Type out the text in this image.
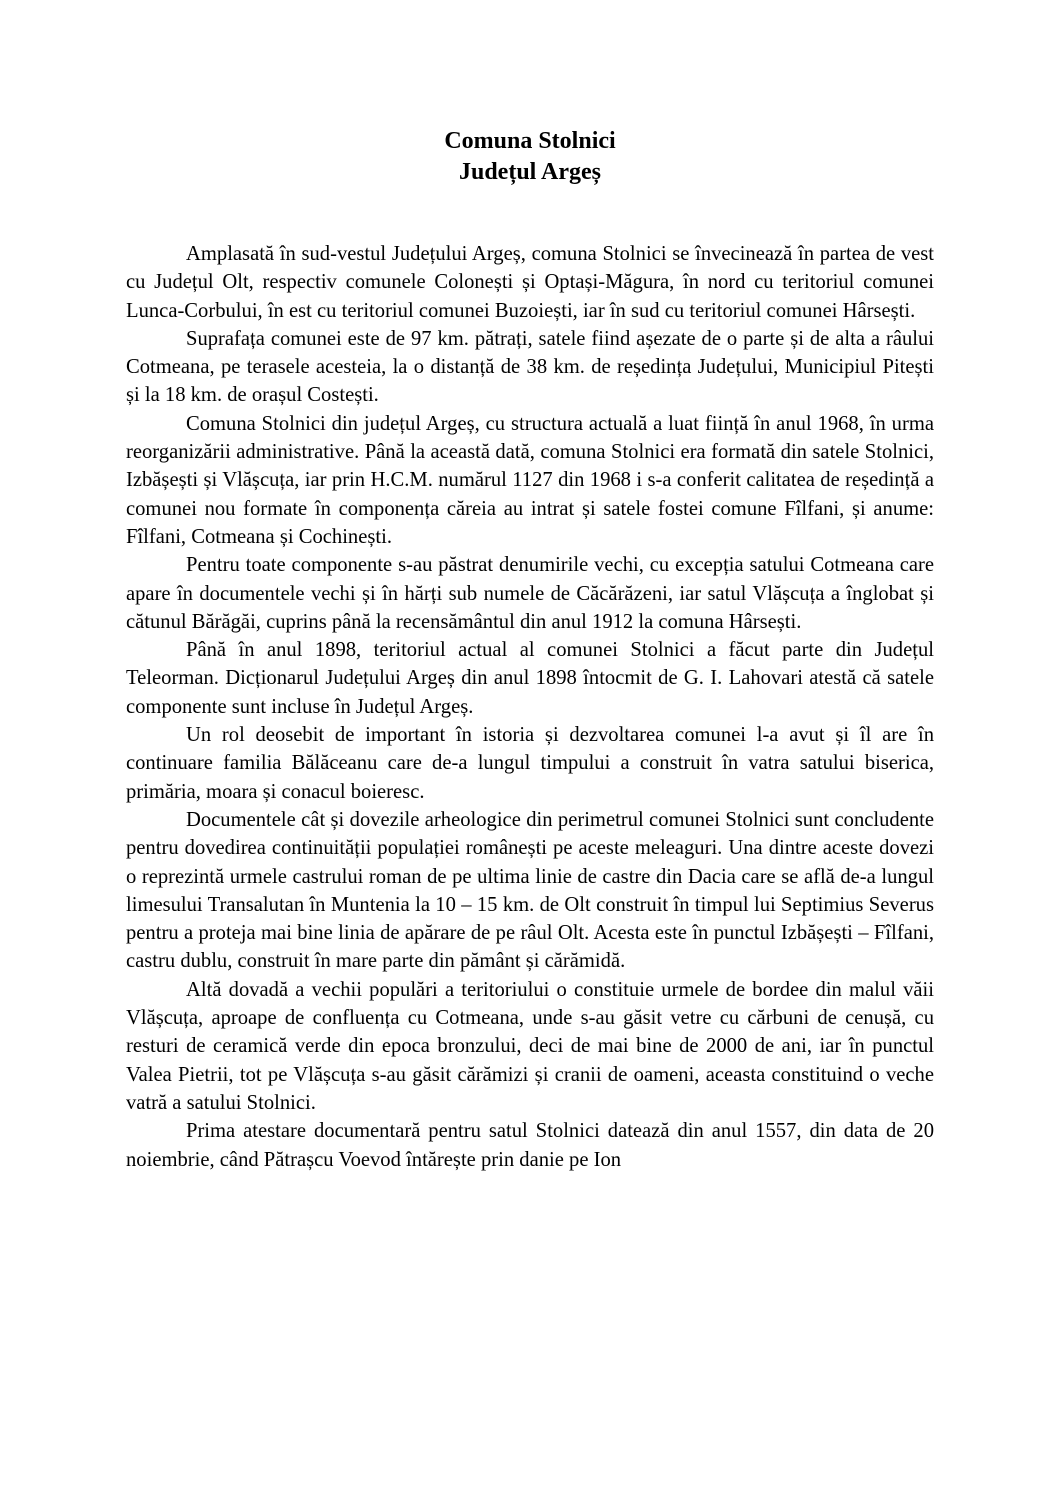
Comuna Stolnici
Județul Argeș

Amplasată în sud-vestul Județului Argeș, comuna Stolnici se învecinează în partea de vest cu Județul Olt, respectiv comunele Colonești și Optași-Măgura, în nord cu teritoriul comunei Lunca-Corbului, în est cu teritoriul comunei Buzoiești, iar în sud cu teritoriul comunei Hârsești.

Suprafața comunei este de 97 km. pătrați, satele fiind așezate de o parte și de alta a râului Cotmeana, pe terasele acesteia, la o distanță de 38 km. de reședința Județului, Municipiul Pitești și la 18 km. de orașul Costești.

Comuna Stolnici din județul Argeș, cu structura actuală a luat ființă în anul 1968, în urma reorganizării administrative. Până la această dată, comuna Stolnici era formată din satele Stolnici, Izbășești și Vlășcuța, iar prin H.C.M. numărul 1127 din 1968 i s-a conferit calitatea de reședință a comunei nou formate în componența căreia au intrat și satele fostei comune Fîlfani, și anume: Fîlfani, Cotmeana și Cochinești.

Pentru toate componente s-au păstrat denumirile vechi, cu excepția satului Cotmeana care apare în documentele vechi și în hărți sub numele de Căcărăzeni, iar satul Vlășcuța a înglobat și cătunul Bărăgăi, cuprins până la recensământul din anul 1912 la comuna Hârsești.

Până în anul 1898, teritoriul actual al comunei Stolnici a făcut parte din Județul Teleorman. Dicționarul Județului Argeș din anul 1898 întocmit de G. I. Lahovari atestă că satele componente sunt incluse în Județul Argeș.

Un rol deosebit de important în istoria și dezvoltarea comunei l-a avut și îl are în continuare familia Bălăceanu care de-a lungul timpului a construit în vatra satului biserica, primăria, moara și conacul boieresc.

Documentele cât și dovezile arheologice din perimetrul comunei Stolnici sunt concludente pentru dovedirea continuității populației românești pe aceste meleaguri. Una dintre aceste dovezi o reprezintă urmele castrului roman de pe ultima linie de castre din Dacia care se află de-a lungul limesului Transalutan în Muntenia la 10 – 15 km. de Olt construit în timpul lui Septimius Severus pentru a proteja mai bine linia de apărare de pe râul Olt. Acesta este în punctul Izbășești – Fîlfani, castru dublu, construit în mare parte din pământ și cărămidă.

Altă dovadă a vechii populări a teritoriului o constituie urmele de bordee din malul văii Vlășcuța, aproape de confluența cu Cotmeana, unde s-au găsit vetre cu cărbuni de cenușă, cu resturi de ceramică verde din epoca bronzului, deci de mai bine de 2000 de ani, iar în punctul Valea Pietrii, tot pe Vlășcuța s-au găsit cărămizi și cranii de oameni, aceasta constituind o veche vatră a satului Stolnici.

Prima atestare documentară pentru satul Stolnici datează din anul 1557, din data de 20 noiembrie, când Pătrașcu Voevod întărește prin danie pe Ion
